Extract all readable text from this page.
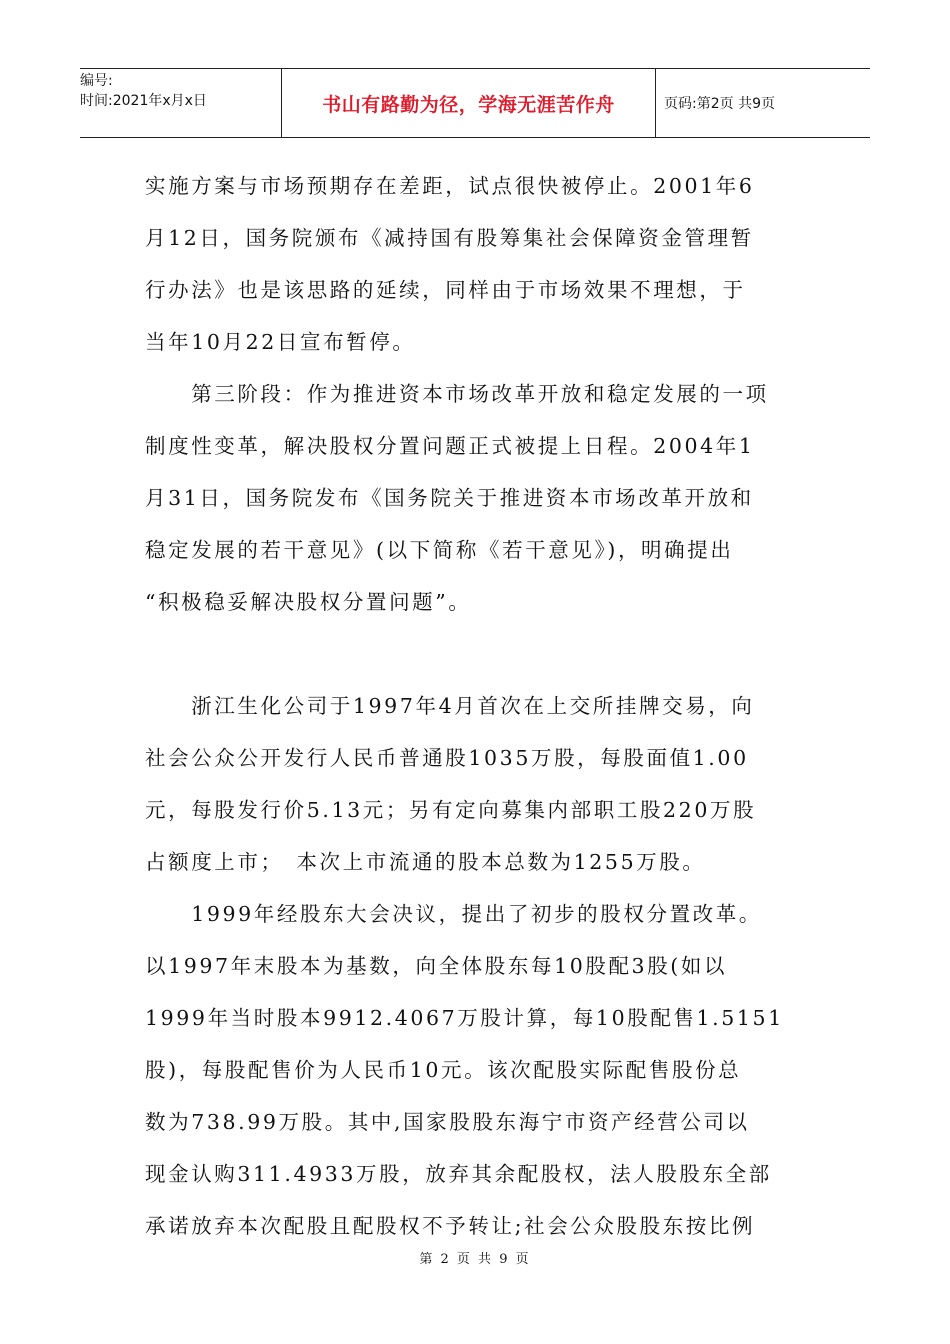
编号:
时间:2021年x月x日	书山有路勤为径，学海无涯苦作舟	页码:第2页 共9页
实施方案与市场预期存在差距，试点很快被停止。2001年6
月12日，国务院颁布《减持国有股筹集社会保障资金管理暂
行办法》也是该思路的延续，同样由于市场效果不理想，于
当年10月22日宣布暂停。
　　第三阶段：作为推进资本市场改革开放和稳定发展的一项
制度性变革，解决股权分置问题正式被提上日程。2004年1
月31日，国务院发布《国务院关于推进资本市场改革开放和
稳定发展的若干意见》(以下简称《若干意见》)，明确提出
“积极稳妥解决股权分置问题”。
　　浙江生化公司于1997年4月首次在上交所挂牌交易，向
社会公众公开发行人民币普通股1035万股，每股面值1.00
元，每股发行价5.13元；另有定向募集内部职工股220万股
占额度上市；　本次上市流通的股本总数为1255万股。
　　1999年经股东大会决议，提出了初步的股权分置改革。
以1997年末股本为基数，向全体股东每10股配3股(如以
1999年当时股本9912.4067万股计算，每10股配售1.5151
股)，每股配售价为人民币10元。该次配股实际配售股份总
数为738.99万股。其中,国家股股东海宁市资产经营公司以
现金认购311.4933万股，放弃其余配股权，法人股股东全部
承诺放弃本次配股且配股权不予转让;社会公众股股东按比例
第 2 页 共 9 页
